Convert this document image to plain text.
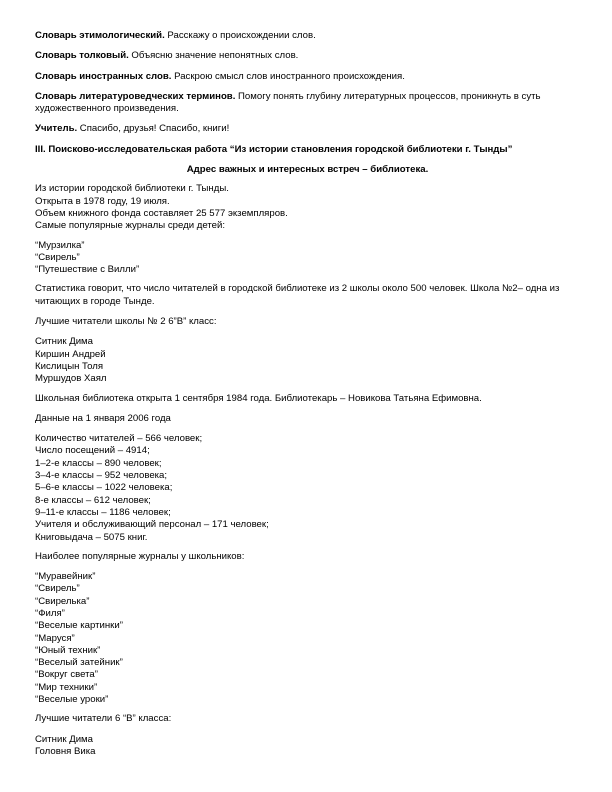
Словарь этимологический. Расскажу о происхождении слов.

Словарь толковый. Объясню значение непонятных слов.

Словарь иностранных слов. Раскрою смысл слов иностранного происхождения.

Словарь литературоведческих терминов. Помогу понять глубину литературных процессов, проникнуть в суть художественного произведения.

Учитель. Спасибо, друзья! Спасибо, книги!

III. Поисково-исследовательская работа “Из истории становления городской библиотеки г. Тынды”

Адрес важных и интересных встреч – библиотека.

Из истории городской библиотеки г. Тынды.
Открыта в 1978 году, 19 июля.
Объем книжного фонда составляет 25 577 экземпляров.
Самые популярные журналы среди детей:
“Мурзилка”
“Свирель”
“Путешествие с Вилли”

Статистика говорит, что число читателей в городской библиотеке из 2 школы около 500 человек. Школа №2– одна из читающих в городе Тынде.

Лучшие читатели школы № 2 6”В” класс:

Ситник Дима
Киршин Андрей
Кислицын Толя
Муршудов Хаял

Школьная библиотека открыта 1 сентября 1984 года. Библиотекарь – Новикова Татьяна Ефимовна.

Данные на 1 января 2006 года

Количество читателей – 566 человек;
Число посещений – 4914;
1–2-е классы – 890 человек;
3–4-е классы – 952 человека;
5–6-е классы – 1022 человека;
8-е классы – 612 человек;
9–11-е классы – 1186 человек;
Учителя и обслуживающий персонал – 171 человек;
Книговыдача – 5075 книг.

Наиболее популярные журналы у школьников:

“Муравейник”
“Свирель”
“Свирелька”
“Филя”
“Веселые картинки”
“Маруся”
“Юный техник”
“Веселый затейник”
“Вокруг света”
“Мир техники”
“Веселые уроки”

Лучшие читатели 6 “В” класса:

Ситник Дима
Головня Вика
